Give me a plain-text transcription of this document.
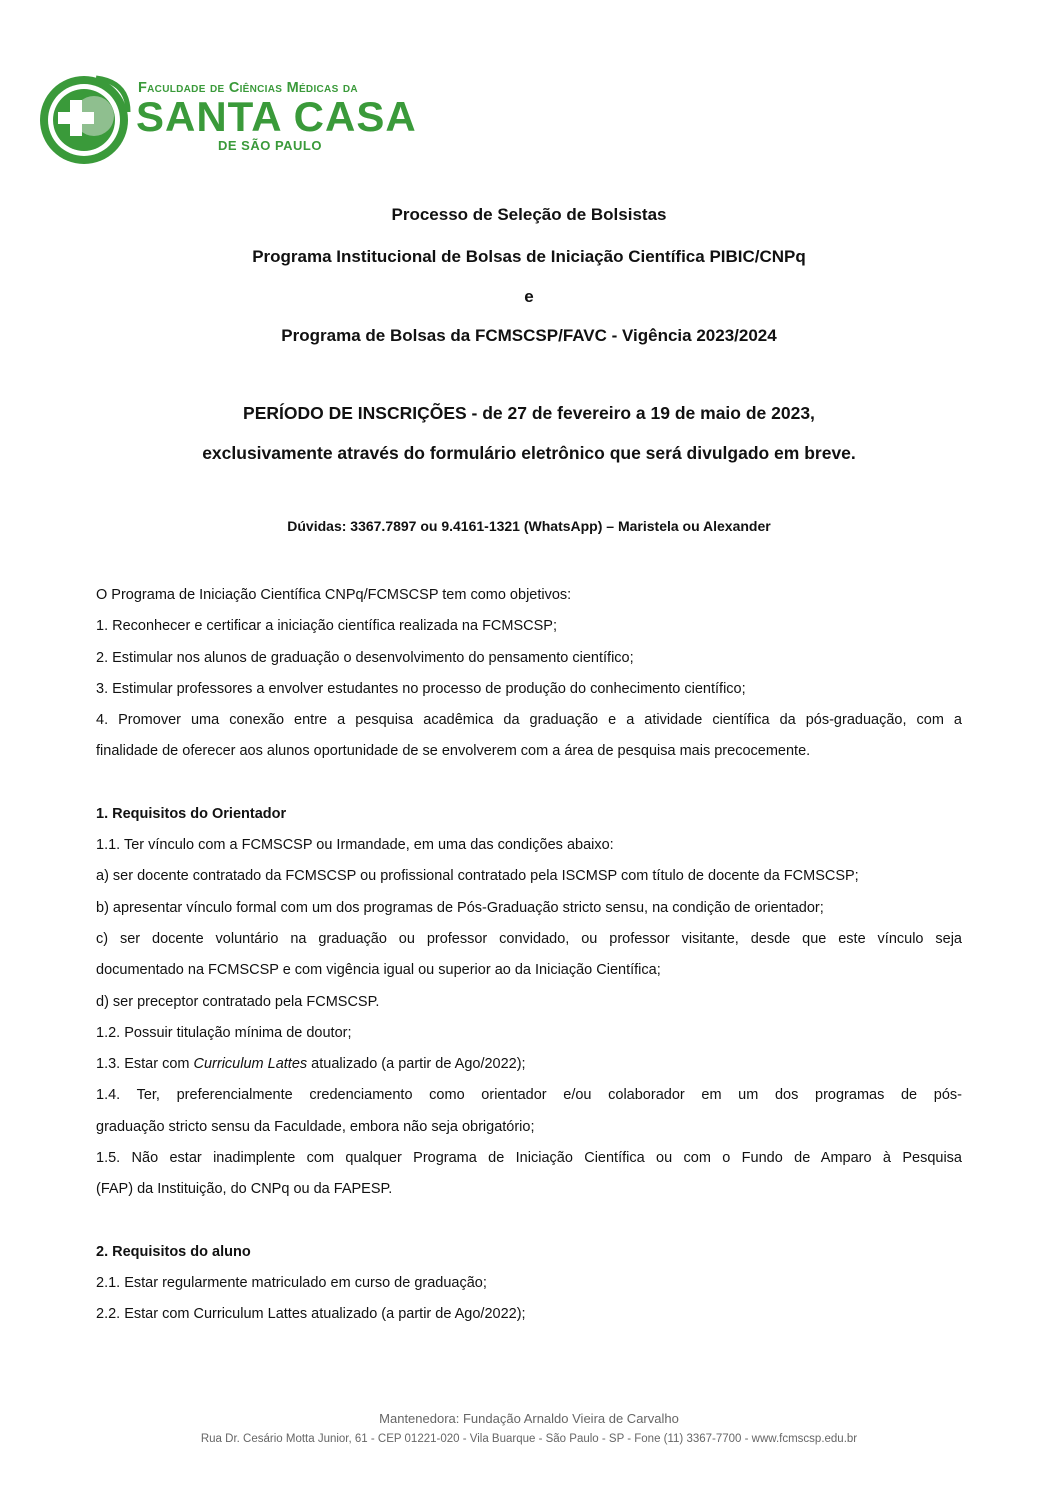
Faculdade de Ciências Médicas da
SANTA CASA
DE SÃO PAULO
Processo de Seleção de Bolsistas
Programa Institucional de Bolsas de Iniciação Científica PIBIC/CNPq
e
Programa de Bolsas da FCMSCSP/FAVC - Vigência 2023/2024
PERÍODO DE INSCRIÇÕES - de 27 de fevereiro a 19 de maio de 2023,
exclusivamente através do formulário eletrônico que será divulgado em breve.
Dúvidas: 3367.7897 ou 9.4161-1321 (WhatsApp) – Maristela ou Alexander

O Programa de Iniciação Científica CNPq/FCMSCSP tem como objetivos:

1. Reconhecer e certificar a iniciação científica realizada na FCMSCSP;

2. Estimular nos alunos de graduação o desenvolvimento do pensamento científico;

3. Estimular professores a envolver estudantes no processo de produção do conhecimento científico;

4. Promover uma conexão entre a pesquisa acadêmica da graduação e a atividade científica da pós-graduação, com a

finalidade de oferecer aos alunos oportunidade de se envolverem com a área de pesquisa mais precocemente.

1. Requisitos do Orientador

1.1. Ter vínculo com a FCMSCSP ou Irmandade, em uma das condições abaixo:

a) ser docente contratado da FCMSCSP ou profissional contratado pela ISCMSP com título de docente da FCMSCSP;

b) apresentar vínculo formal com um dos programas de Pós-Graduação stricto sensu, na condição de orientador;

c) ser docente voluntário na graduação ou professor convidado, ou professor visitante, desde que este vínculo seja

documentado na FCMSCSP e com vigência igual ou superior ao da Iniciação Científica;

d) ser preceptor contratado pela FCMSCSP.

1.2. Possuir titulação mínima de doutor;

1.3. Estar com Curriculum Lattes atualizado (a partir de Ago/2022);

1.4. Ter, preferencialmente credenciamento como orientador e/ou colaborador em um dos programas de pós-

graduação stricto sensu da Faculdade, embora não seja obrigatório;

1.5. Não estar inadimplente com qualquer Programa de Iniciação Científica ou com o Fundo de Amparo à Pesquisa

(FAP) da Instituição, do CNPq ou da FAPESP.

2. Requisitos do aluno

2.1. Estar regularmente matriculado em curso de graduação;

2.2. Estar com Curriculum Lattes atualizado (a partir de Ago/2022);

Mantenedora: Fundação Arnaldo Vieira de Carvalho
Rua Dr. Cesário Motta Junior, 61 - CEP 01221-020 - Vila Buarque - São Paulo - SP - Fone (11) 3367-7700 - www.fcmscsp.edu.br
